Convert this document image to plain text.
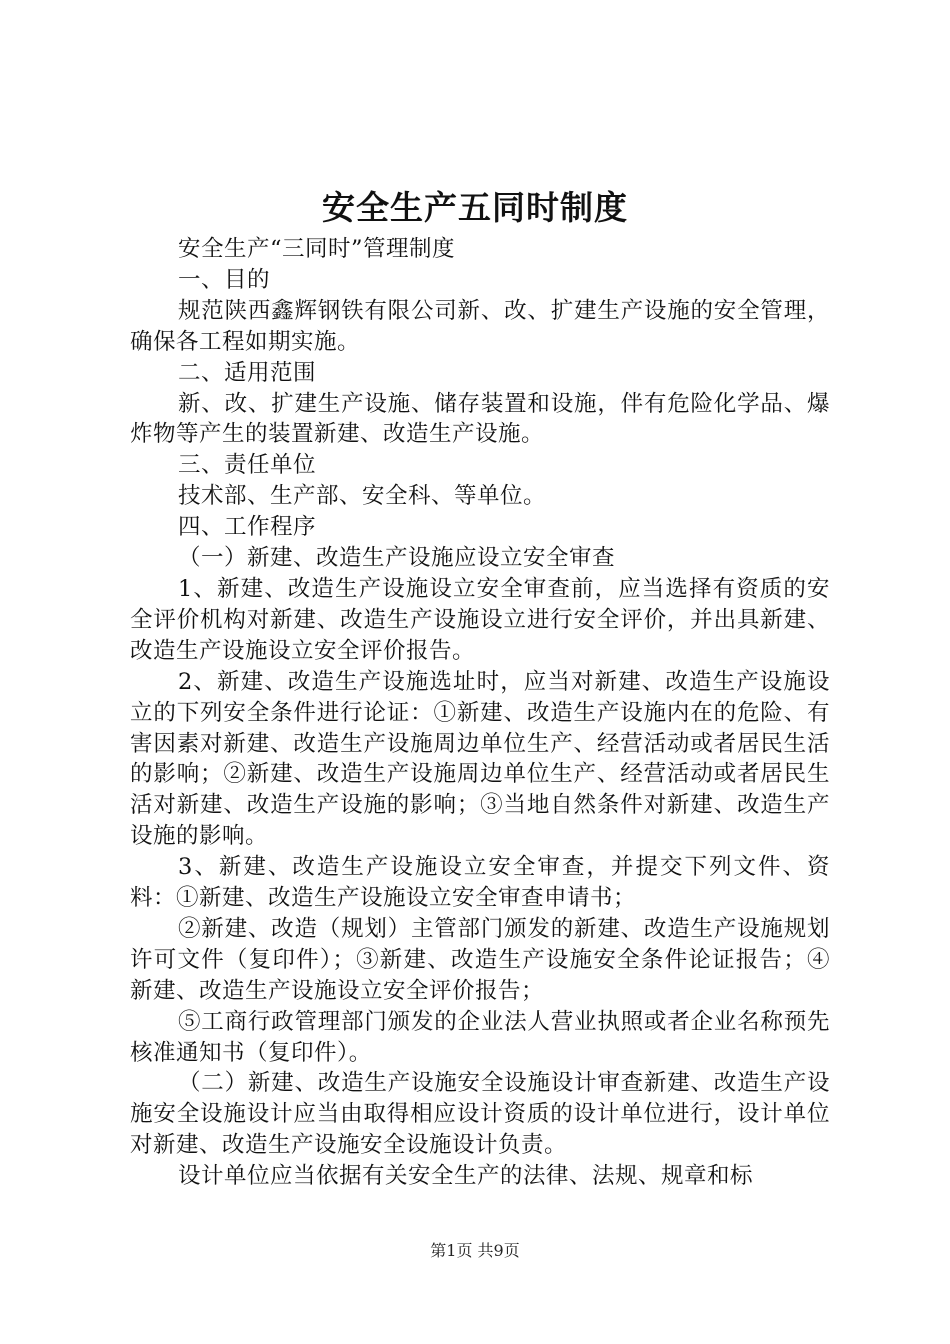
安全生产五同时制度

安全生产“三同时”管理制度

一、目的

规范陕西鑫辉钢铁有限公司新、改、扩建生产设施的安全管理，确保各工程如期实施。

二、适用范围

新、改、扩建生产设施、储存装置和设施，伴有危险化学品、爆炸物等产生的装置新建、改造生产设施。

三、责任单位

技术部、生产部、安全科、等单位。

四、工作程序

（一）新建、改造生产设施应设立安全审查

1、新建、改造生产设施设立安全审查前，应当选择有资质的安全评价机构对新建、改造生产设施设立进行安全评价，并出具新建、改造生产设施设立安全评价报告。

2、新建、改造生产设施选址时，应当对新建、改造生产设施设立的下列安全条件进行论证：①新建、改造生产设施内在的危险、有害因素对新建、改造生产设施周边单位生产、经营活动或者居民生活的影响；②新建、改造生产设施周边单位生产、经营活动或者居民生活对新建、改造生产设施的影响；③当地自然条件对新建、改造生产设施的影响。

3、新建、改造生产设施设立安全审查，并提交下列文件、资料：①新建、改造生产设施设立安全审查申请书；

②新建、改造（规划）主管部门颁发的新建、改造生产设施规划许可文件（复印件）；③新建、改造生产设施安全条件论证报告；④新建、改造生产设施设立安全评价报告；

⑤工商行政管理部门颁发的企业法人营业执照或者企业名称预先核准通知书（复印件）。

（二）新建、改造生产设施安全设施设计审查新建、改造生产设施安全设施设计应当由取得相应设计资质的设计单位进行，设计单位对新建、改造生产设施安全设施设计负责。

设计单位应当依据有关安全生产的法律、法规、规章和标

第1页 共9页
